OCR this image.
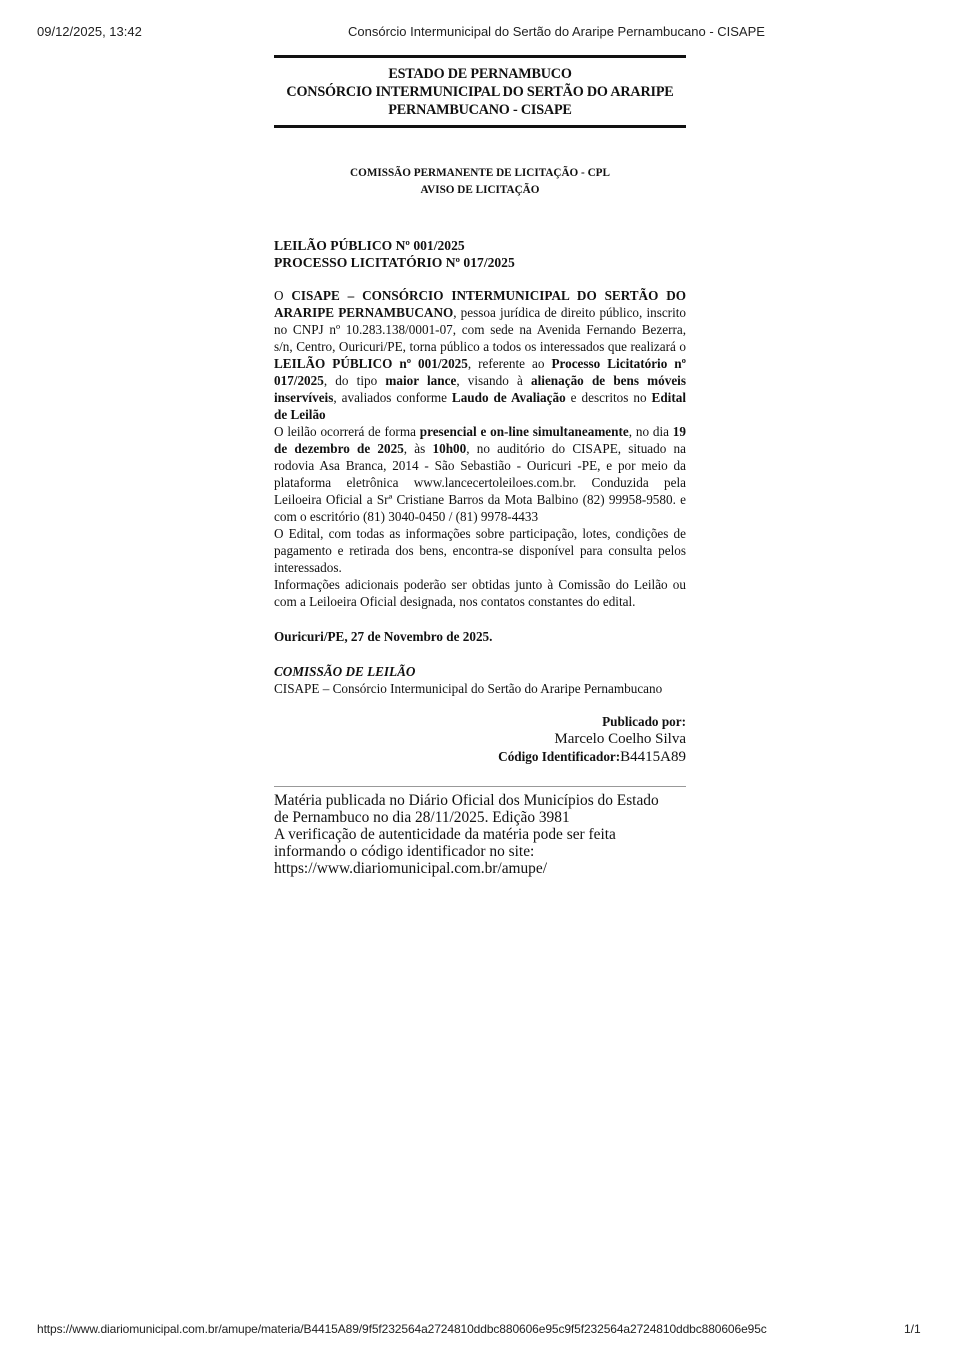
09/12/2025, 13:42	Consórcio Intermunicipal do Sertão do Araripe Pernambucano - CISAPE
ESTADO DE PERNAMBUCO
CONSÓRCIO INTERMUNICIPAL DO SERTÃO DO ARARIPE
PERNAMBUCANO - CISAPE
COMISSÃO PERMANENTE DE LICITAÇÃO - CPL
AVISO DE LICITAÇÃO
LEILÃO PÚBLICO Nº 001/2025
PROCESSO LICITATÓRIO Nº 017/2025

O CISAPE – CONSÓRCIO INTERMUNICIPAL DO SERTÃO DO ARARIPE PERNAMBUCANO, pessoa jurídica de direito público, inscrito no CNPJ nº 10.283.138/0001-07, com sede na Avenida Fernando Bezerra, s/n, Centro, Ouricuri/PE, torna público a todos os interessados que realizará o LEILÃO PÚBLICO nº 001/2025, referente ao Processo Licitatório nº 017/2025, do tipo maior lance, visando à alienação de bens móveis inservíveis, avaliados conforme Laudo de Avaliação e descritos no Edital de Leilão

O leilão ocorrerá de forma presencial e on-line simultaneamente, no dia 19 de dezembro de 2025, às 10h00, no auditório do CISAPE, situado na rodovia Asa Branca, 2014 - São Sebastião - Ouricuri -PE, e por meio da plataforma eletrônica www.lancecertoleiloes.com.br. Conduzida pela Leiloeira Oficial a Srª Cristiane Barros da Mota Balbino (82) 99958-9580. e com o escritório (81) 3040-0450 / (81) 9978-4433

O Edital, com todas as informações sobre participação, lotes, condições de pagamento e retirada dos bens, encontra-se disponível para consulta pelos interessados.

Informações adicionais poderão ser obtidas junto à Comissão do Leilão ou com a Leiloeira Oficial designada, nos contatos constantes do edital.

Ouricuri/PE, 27 de Novembro de 2025.
COMISSÃO DE LEILÃO
CISAPE – Consórcio Intermunicipal do Sertão do Araripe Pernambucano
Publicado por:
Marcelo Coelho Silva
Código Identificador:B4415A89
Matéria publicada no Diário Oficial dos Municípios do Estado
de Pernambuco no dia 28/11/2025. Edição 3981
A verificação de autenticidade da matéria pode ser feita
informando o código identificador no site:
https://www.diariomunicipal.com.br/amupe/
https://www.diariomunicipal.com.br/amupe/materia/B4415A89/9f5f232564a2724810ddbc880606e95c9f5f232564a2724810ddbc880606e95c	1/1
